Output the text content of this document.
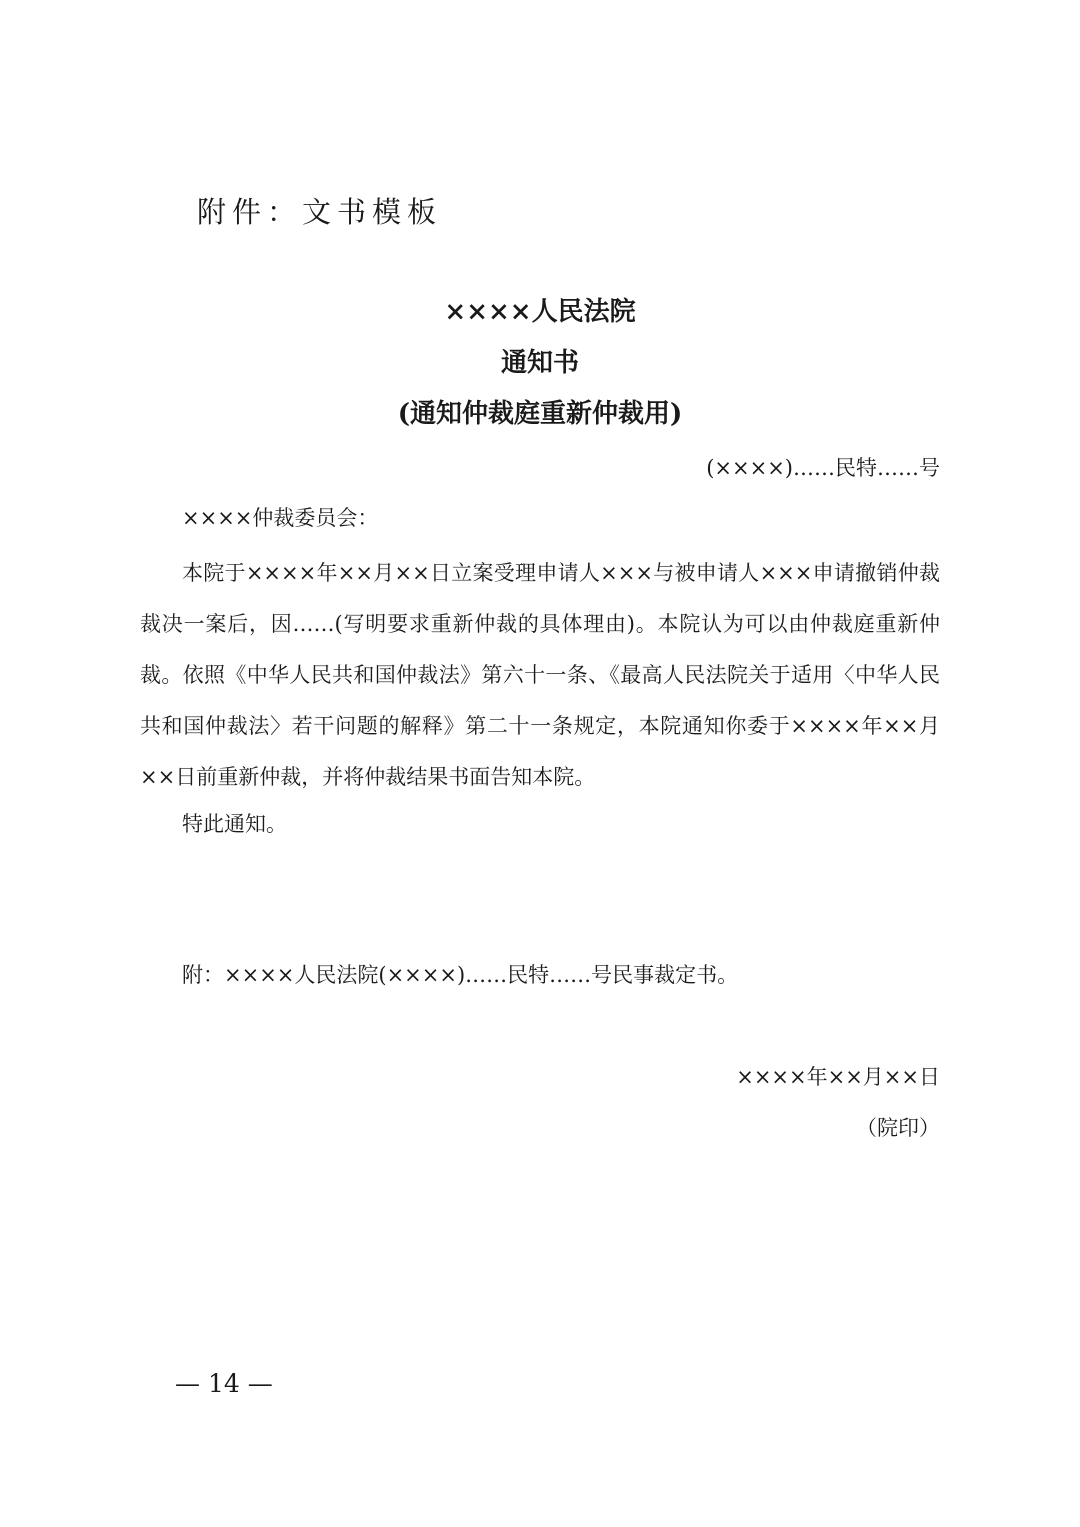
附件：文书模板
××××人民法院
通知书
(通知仲裁庭重新仲裁用)
(××××)……民特……号
××××仲裁委员会：

本院于××××年××月××日立案受理申请人×××与被申请人×××申请撤销仲裁裁决一案后，因……(写明要求重新仲裁的具体理由)。本院认为可以由仲裁庭重新仲裁。依照《中华人民共和国仲裁法》第六十一条、《最高人民法院关于适用〈中华人民共和国仲裁法〉若干问题的解释》第二十一条规定，本院通知你委于××××年××月××日前重新仲裁，并将仲裁结果书面告知本院。

特此通知。
附：××××人民法院(××××)……民特……号民事裁定书。
××××年××月××日
（院印）
— 14 —
